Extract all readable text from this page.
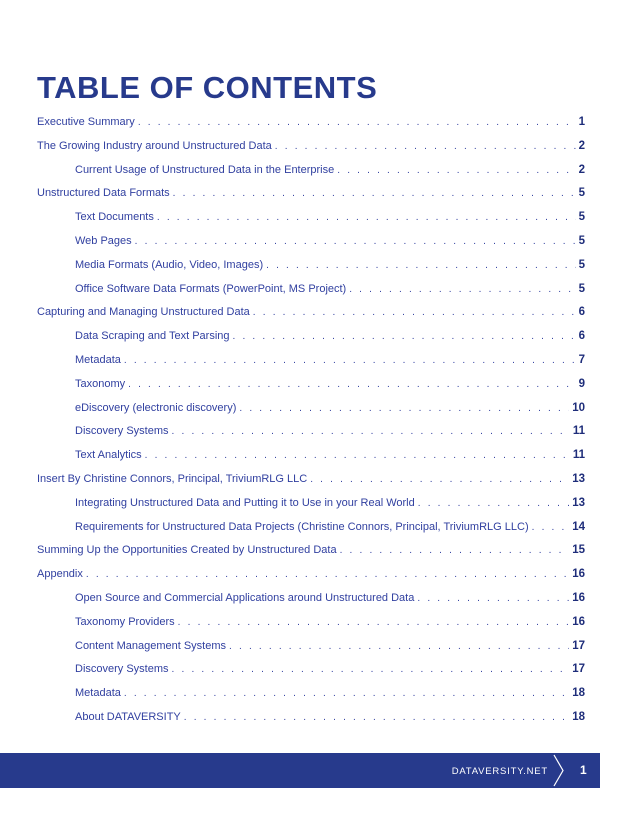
TABLE OF CONTENTS
Executive Summary . . .	1
The Growing Industry around Unstructured Data . . .	2
Current Usage of Unstructured Data in the Enterprise . . .	2
Unstructured Data Formats . . .	5
Text Documents . . .	5
Web Pages . . .	5
Media Formats (Audio, Video, Images) . . .	5
Office Software Data Formats (PowerPoint, MS Project) . . .	5
Capturing and Managing Unstructured Data . . .	6
Data Scraping and Text Parsing . . .	6
Metadata . . .	7
Taxonomy . . .	9
eDiscovery (electronic discovery) . . .	10
Discovery Systems . . .	11
Text Analytics . . .	11
Insert By Christine Connors, Principal, TriviumRLG LLC . . .	13
Integrating Unstructured Data and Putting it to Use in your Real World . . .	13
Requirements for Unstructured Data Projects (Christine Connors, Principal, TriviumRLG LLC) . . .	14
Summing Up the Opportunities Created by Unstructured Data . . .	15
Appendix . . .	16
Open Source and Commercial Applications around Unstructured Data . . .	16
Taxonomy Providers . . .	16
Content Management Systems . . .	17
Discovery Systems . . .	17
Metadata . . .	18
About DATAVERSITY . . .	18
DATAVERSITY.NET	1
